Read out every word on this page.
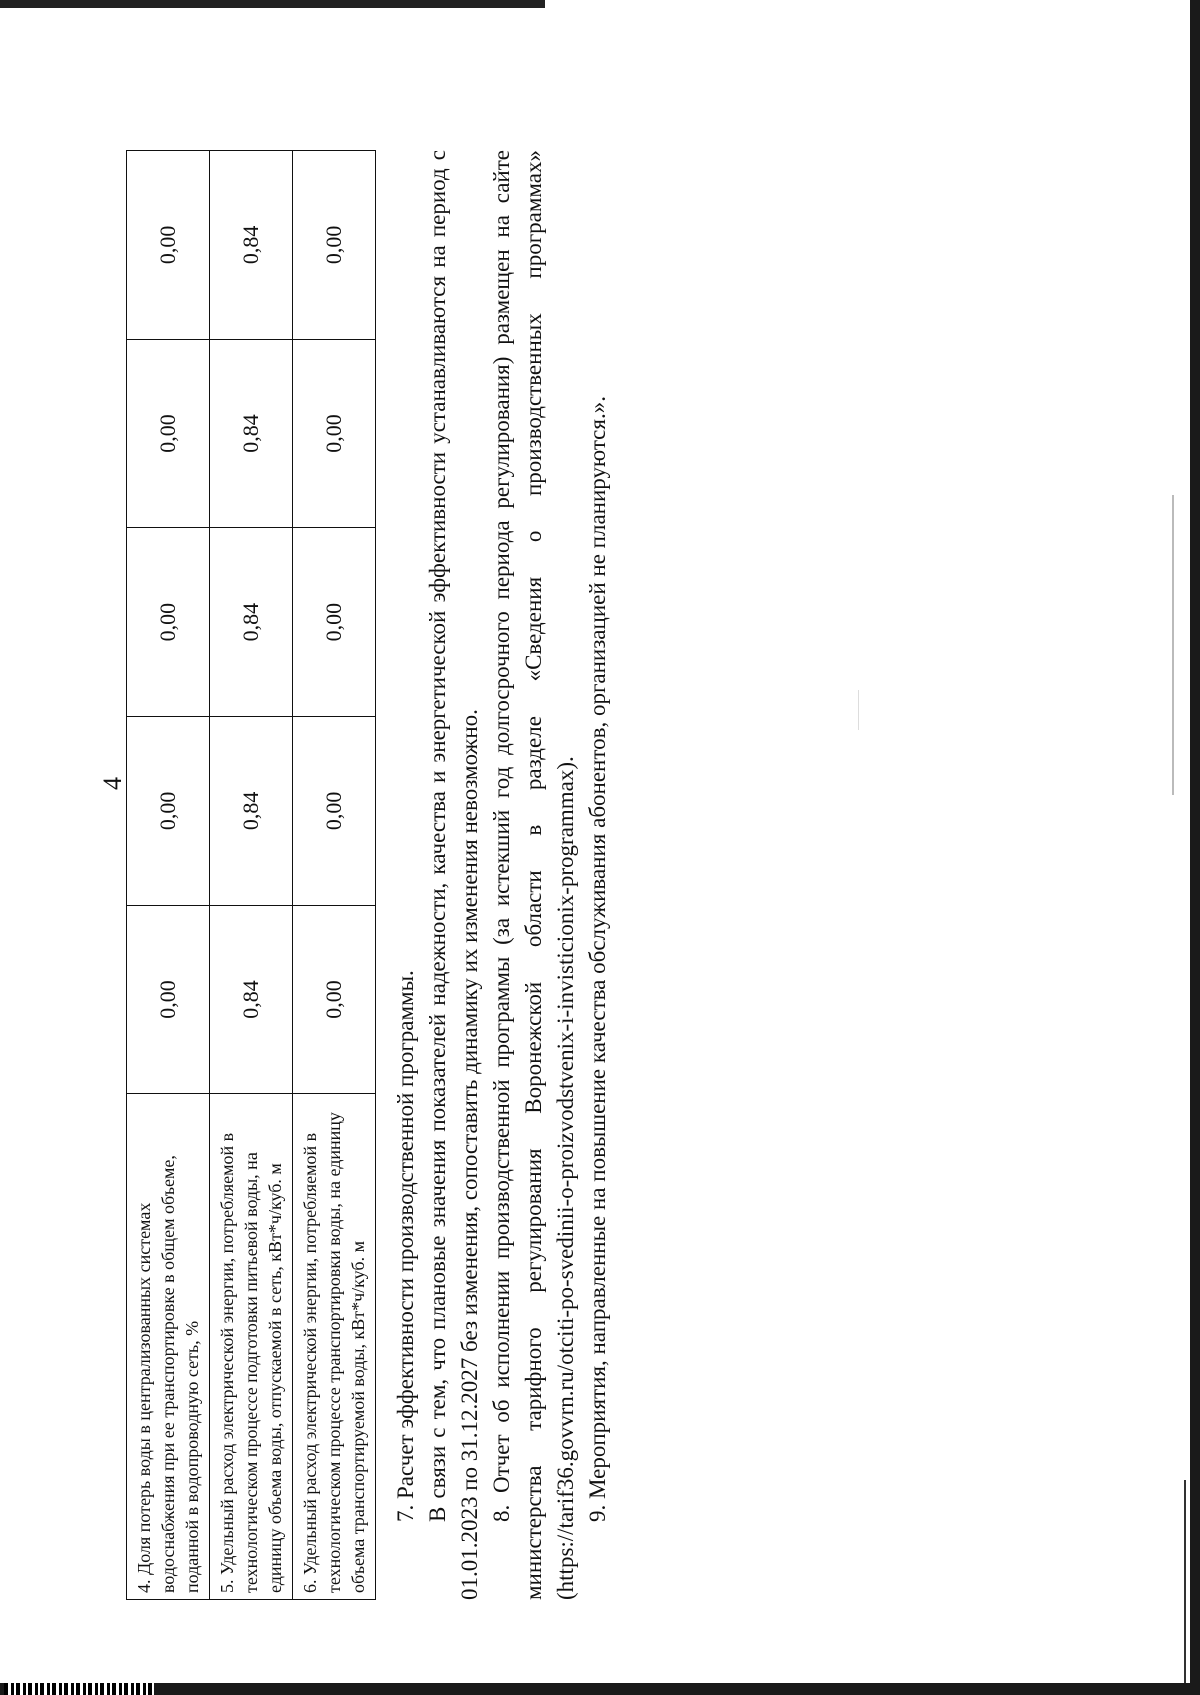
4
4. Доля потерь воды в централизованных системах водоснабжения при ее транспортировке в общем объеме, поданной в водопроводную сеть, %	0,00	0,00	0,00	0,00	0,00
5. Удельный расход электрической энергии, потребляемой в технологическом процессе подготовки питьевой воды, на единицу объема воды, отпускаемой в сеть, кВт*ч/куб. м	0,84	0,84	0,84	0,84	0,84
6. Удельный расход электрической энергии, потребляемой в технологическом процессе транспортировки воды, на единицу объема транспортируемой воды, кВт*ч/куб. м	0,00	0,00	0,00	0,00	0,00

7. Расчет эффективности производственной программы. В связи с тем, что плановые значения показателей надежности, качества и энергетической эффективности устанавливаются на период с 01.01.2023 по 31.12.2027 без изменения, сопоставить динамику их изменения невозможно. 8. Отчет об исполнении производственной программы (за истекший год долгосрочного периода регулирования) размещен на сайте министерства тарифного регулирования Воронежской области в разделе «Сведения о производственных программах» (https://tarif36.govvrn.ru/otciti-po-svedinii-o-proizvodstvenix-i-invisticionix-programmax). 9. Мероприятия, направленные на повышение качества обслуживания абонентов, организацией не планируются.».
